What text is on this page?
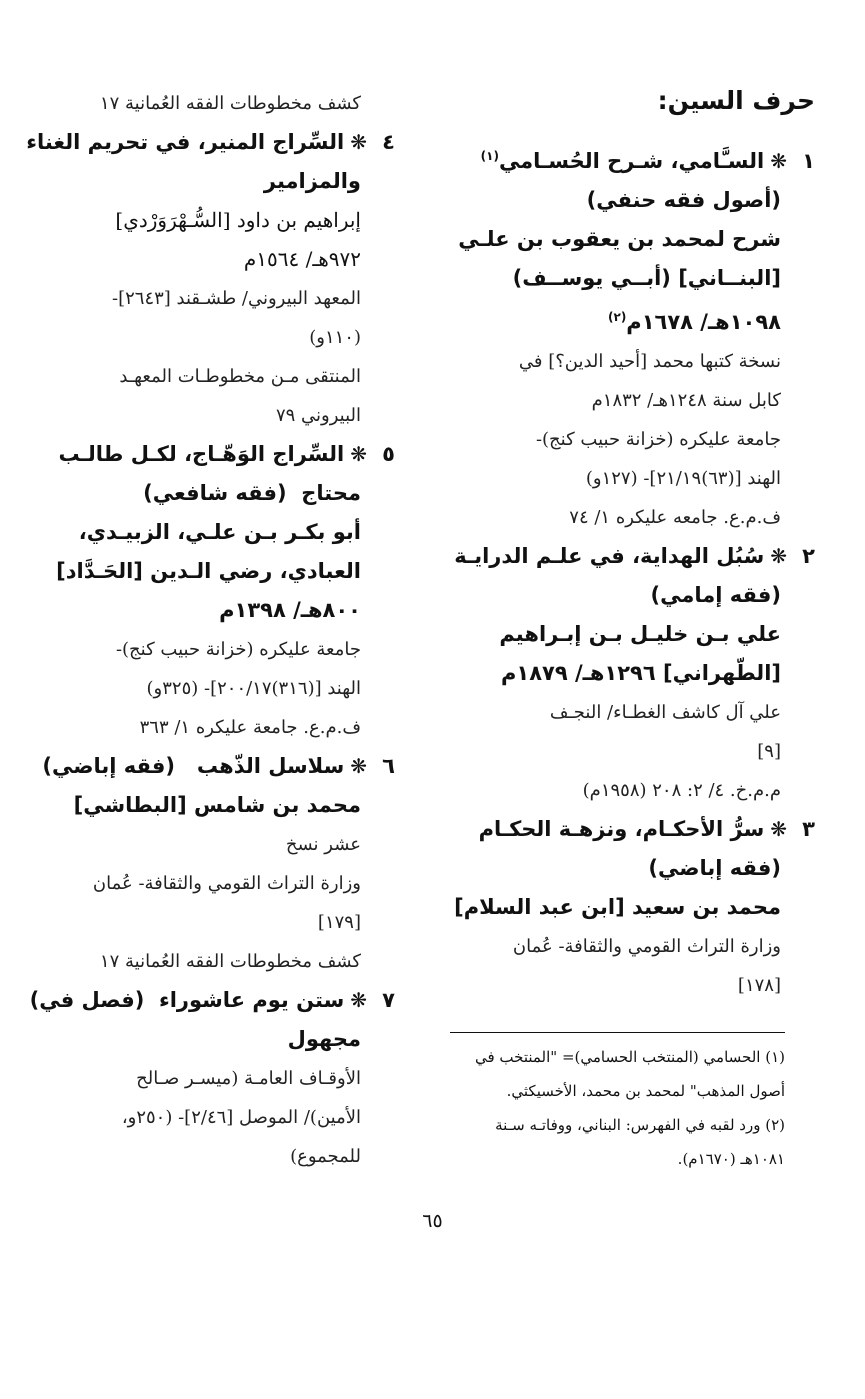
حرف السين:
١❋السـَّامي، شـرح الحُسـامي$^{(١)}$
(أصول فقه حنفي)
شرح لمحمد بن يعقوب بن علـي
[البنــاني] (أبــي يوســف)
١٠٩٨هـ/ ١٦٧٨م$^{(٢)}$
نسخة كتبها محمد [أحيد الدين؟] في
كابل سنة ١٢٤٨هـ/ ١٨٣٢م
جامعة عليكره (خزانة حبيب كنج)-
الهند [(٦٣)٢١/١٩]- (١٢٧و)
ف.م.ع. جامعه عليكره ١/ ٧٤
٢❋سُبُل الهداية، في علـم الدرايـة
(فقه إمامي)
علي بـن خليـل بـن إبـراهيم
[الطّهراني] ١٢٩٦هـ/ ١٨٧٩م
علي آل كاشف الغطـاء/ النجـف
[٩]
م.م.خ. ٤/ ٢: ٢٠٨ (١٩٥٨م)
٣❋سرُّ الأحكـام، ونزهـة الحكـام
(فقه إباضي)
محمد بن سعيد [ابن عبد السلام]
وزارة التراث القومي والثقافة- عُمان
[١٧٨]
كشف مخطوطات الفقه العُمانية ١٧
٤❋السِّراج المنير، في تحريم الغناء
والمزامير
إبراهيم بن داود [السُّـهْرَوَرْدي]
٩٧٢هـ/ ١٥٦٤م
المعهد البيروني/ طشـقند [٢٦٤٣]-
(١١٠و)
المنتقى مـن مخطوطـات المعهـد
البيروني ٧٩
٥❋السِّراج الوَهّـاج، لكـل طالـب
محتاج  (فقه شافعي)
أبو بكـر بـن علـي، الزبيـدي،
العبادي، رضي الـدين [الحَـدَّاد]
٨٠٠هـ/ ١٣٩٨م
جامعة عليكره (خزانة حبيب كنج)-
الهند [(٣١٦)٢٠٠/١٧]- (٣٢٥و)
ف.م.ع. جامعة عليكره ١/ ٣٦٣
٦❋سلاسل الذّهب   (فقه إباضي)
محمد بن شامس [البطاشي]
عشر نسخ
وزارة التراث القومي والثقافة- عُمان
[١٧٩]
كشف مخطوطات الفقه العُمانية ١٧
٧❋ستن يوم عاشوراء  (فصل في)
مجهول
الأوقـاف العامـة (ميسـر صـالح
الأمين)/ الموصل [٢/٤٦]- (٢٥٠و،
للمجموع)
(١) الحسامي (المنتخب الحسامي)= "المنتخب في
أصول المذهب" لمحمد بن محمد، الأخسيكثي.
(٢) ورد لقبه في الفهرس: البناني، ووفاتـه سـنة
١٠٨١هـ (١٦٧٠م).
٦٥
